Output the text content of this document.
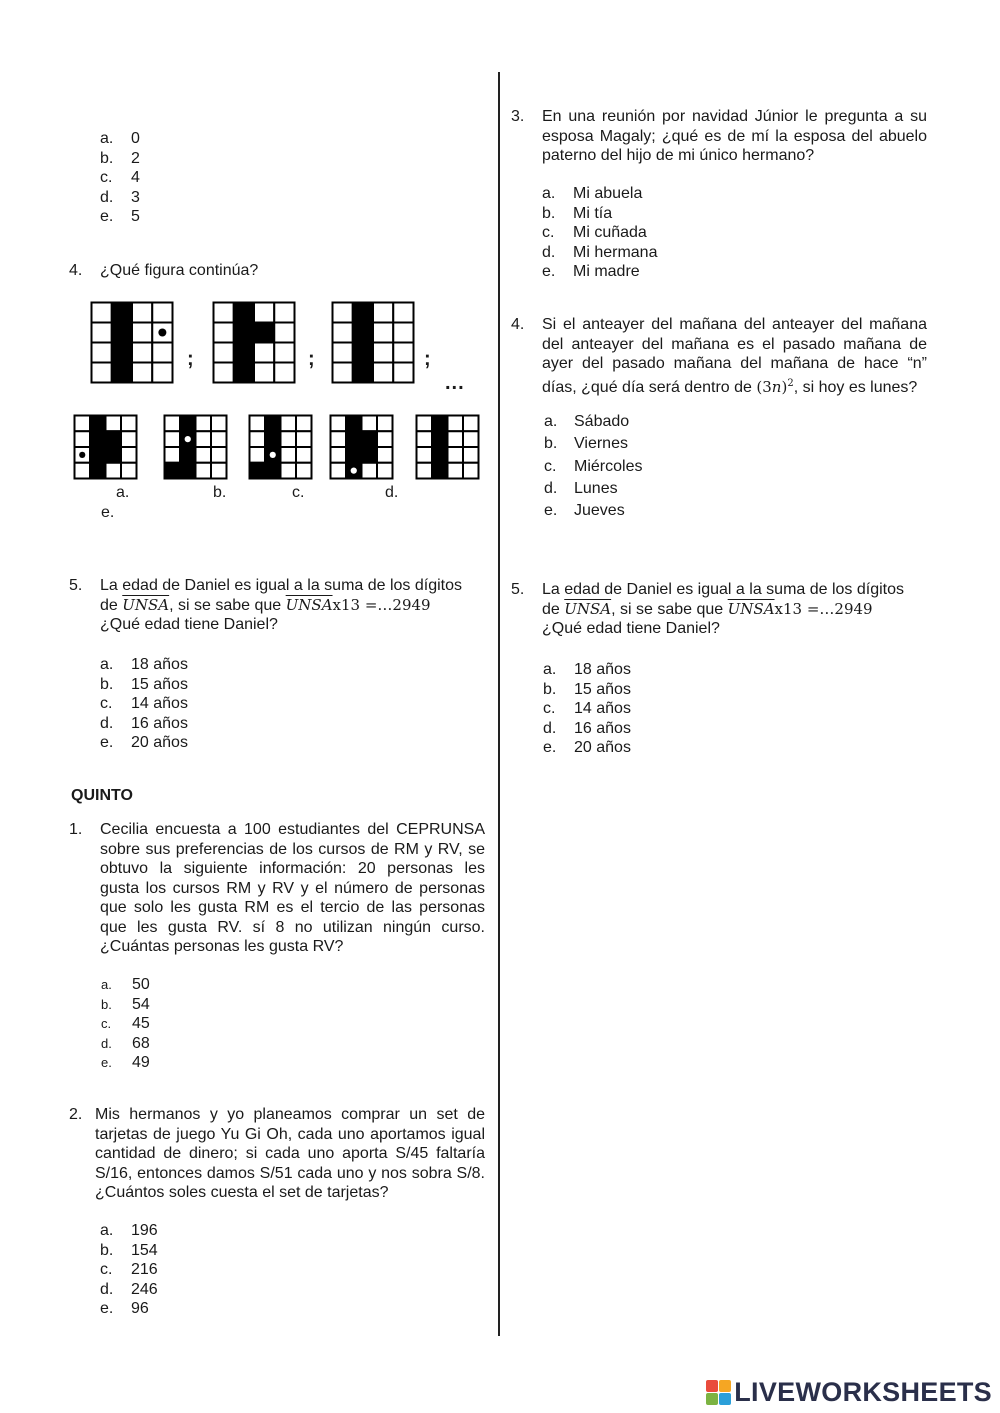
a. 0
b. 2
c. 4
d. 3
e. 5
4. ¿Qué figura continúa?
;	;	;
...
a.	b.	c.	d.
e.
5. La edad de Daniel es igual a la suma de los dígitos

de UNSA, si se sabe que UNSAx13 =…2949

¿Qué edad tiene Daniel?

a. 18 años
b. 15 años
c. 14 años
d. 16 años
e. 20 años
QUINTO
1. Cecilia encuesta a 100 estudiantes del CEPRUNSA sobre sus preferencias de los cursos de RM y RV, se obtuvo la siguiente información: 20 personas les gusta los cursos RM y RV y el número de personas que solo les gusta RM es el tercio de las personas que les gusta RV. sí 8 no utilizan ningún curso. ¿Cuántas personas les gusta RV?
a. 50
b. 54
c. 45
d. 68
e. 49
2. Mis hermanos y yo planeamos comprar un set de tarjetas de juego Yu Gi Oh, cada uno aportamos igual cantidad de dinero; si cada uno aporta S/45 faltaría S/16, entonces damos S/51 cada uno y nos sobra S/8. ¿Cuántos soles cuesta el set de tarjetas?

a. 196
b. 154
c. 216
d. 246
e. 96
3. En una reunión por navidad Júnior le pregunta a su esposa Magaly; ¿qué es de mí la esposa del abuelo paterno del hijo de mi único hermano?
a. Mi abuela
b. Mi tía
c. Mi cuñada
d. Mi hermana
e. Mi madre
4. Si el anteayer del mañana del anteayer del mañana del anteayer del mañana es el pasado mañana de ayer del pasado mañana del mañana de hace “n” días, ¿qué día será dentro de $(3n)^2$, si hoy es lunes?

a. Sábado
b. Viernes
c. Miércoles
d. Lunes
e. Jueves
5. La edad de Daniel es igual a la suma de los dígitos

de UNSA, si se sabe que UNSAx13 =…2949

¿Qué edad tiene Daniel?

a. 18 años
b. 15 años
c. 14 años
d. 16 años
e. 20 años
LIVEWORKSHEETS
